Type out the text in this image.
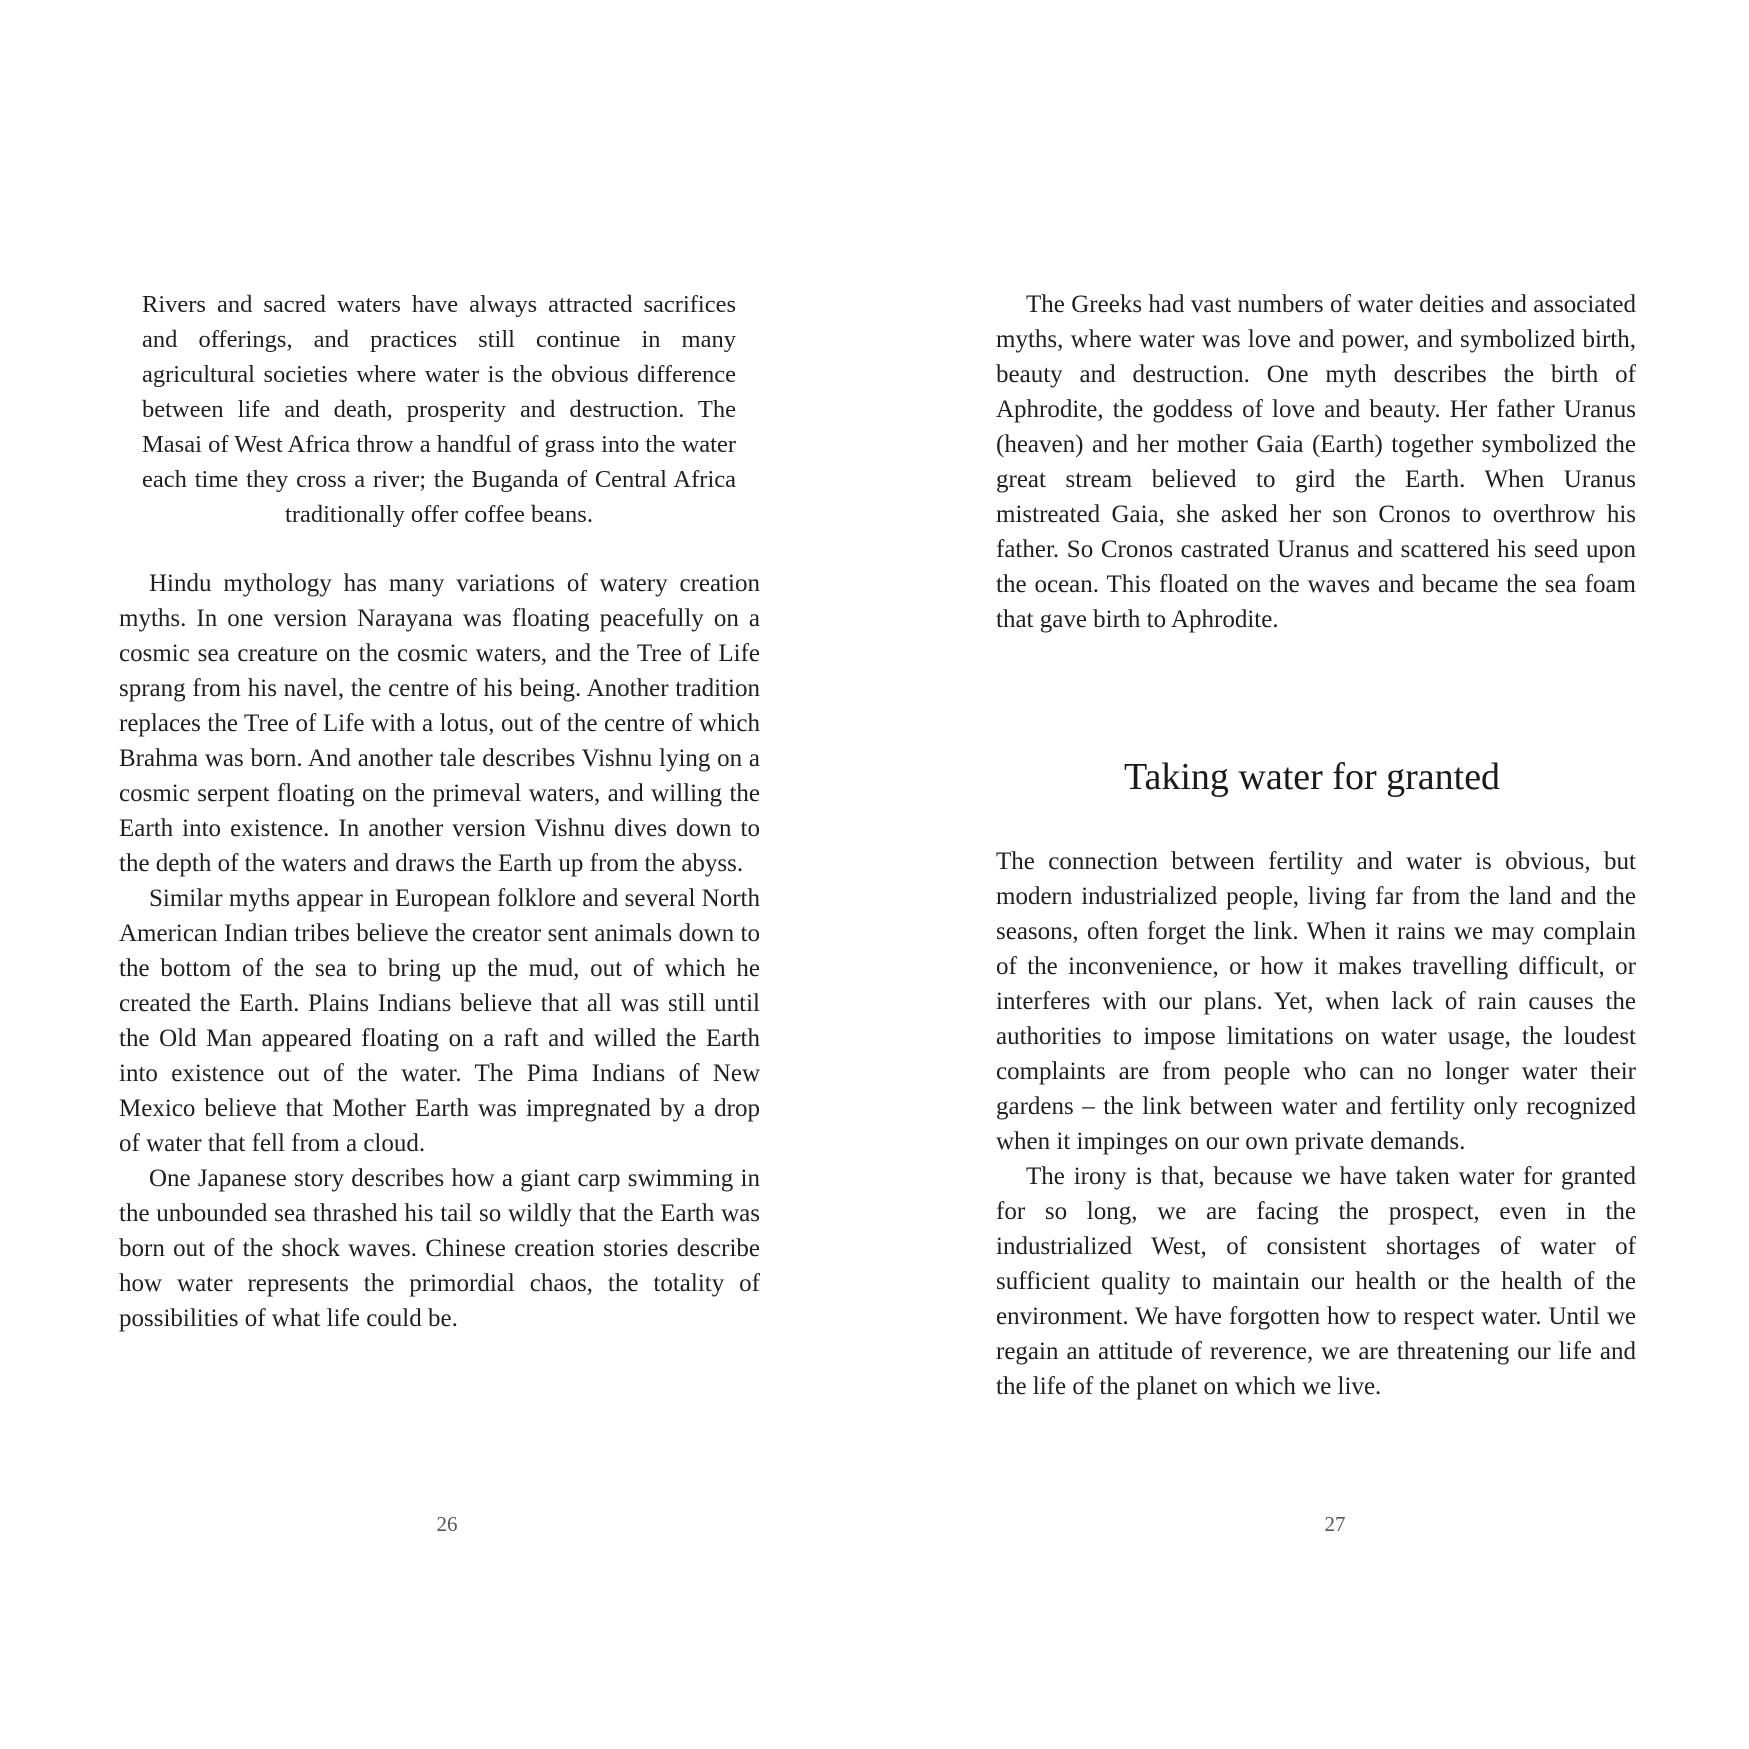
Rivers and sacred waters have always attracted sacrifices and offerings, and practices still continue in many agricultural societies where water is the obvious difference between life and death, prosperity and destruction. The Masai of West Africa throw a handful of grass into the water each time they cross a river; the Buganda of Central Africa traditionally offer coffee beans.

Hindu mythology has many variations of watery creation myths. In one version Narayana was floating peacefully on a cosmic sea creature on the cosmic waters, and the Tree of Life sprang from his navel, the centre of his being. Another tradition replaces the Tree of Life with a lotus, out of the centre of which Brahma was born. And another tale describes Vishnu lying on a cosmic serpent floating on the primeval waters, and willing the Earth into existence. In another version Vishnu dives down to the depth of the waters and draws the Earth up from the abyss.

Similar myths appear in European folklore and several North American Indian tribes believe the creator sent animals down to the bottom of the sea to bring up the mud, out of which he created the Earth. Plains Indians believe that all was still until the Old Man appeared floating on a raft and willed the Earth into existence out of the water. The Pima Indians of New Mexico believe that Mother Earth was impregnated by a drop of water that fell from a cloud.

One Japanese story describes how a giant carp swimming in the unbounded sea thrashed his tail so wildly that the Earth was born out of the shock waves. Chinese creation stories describe how water represents the primordial chaos, the totality of possibilities of what life could be.

26

The Greeks had vast numbers of water deities and associated myths, where water was love and power, and symbolized birth, beauty and destruction. One myth describes the birth of Aphrodite, the goddess of love and beauty. Her father Uranus (heaven) and her mother Gaia (Earth) together symbolized the great stream believed to gird the Earth. When Uranus mistreated Gaia, she asked her son Cronos to overthrow his father. So Cronos castrated Uranus and scattered his seed upon the ocean. This floated on the waves and became the sea foam that gave birth to Aphrodite.

Taking water for granted

The connection between fertility and water is obvious, but modern industrialized people, living far from the land and the seasons, often forget the link. When it rains we may complain of the inconvenience, or how it makes travelling difficult, or interferes with our plans. Yet, when lack of rain causes the authorities to impose limitations on water usage, the loudest complaints are from people who can no longer water their gardens – the link between water and fertility only recognized when it impinges on our own private demands.

The irony is that, because we have taken water for granted for so long, we are facing the prospect, even in the industrialized West, of consistent shortages of water of sufficient quality to maintain our health or the health of the environment. We have forgotten how to respect water. Until we regain an attitude of reverence, we are threatening our life and the life of the planet on which we live.

27
